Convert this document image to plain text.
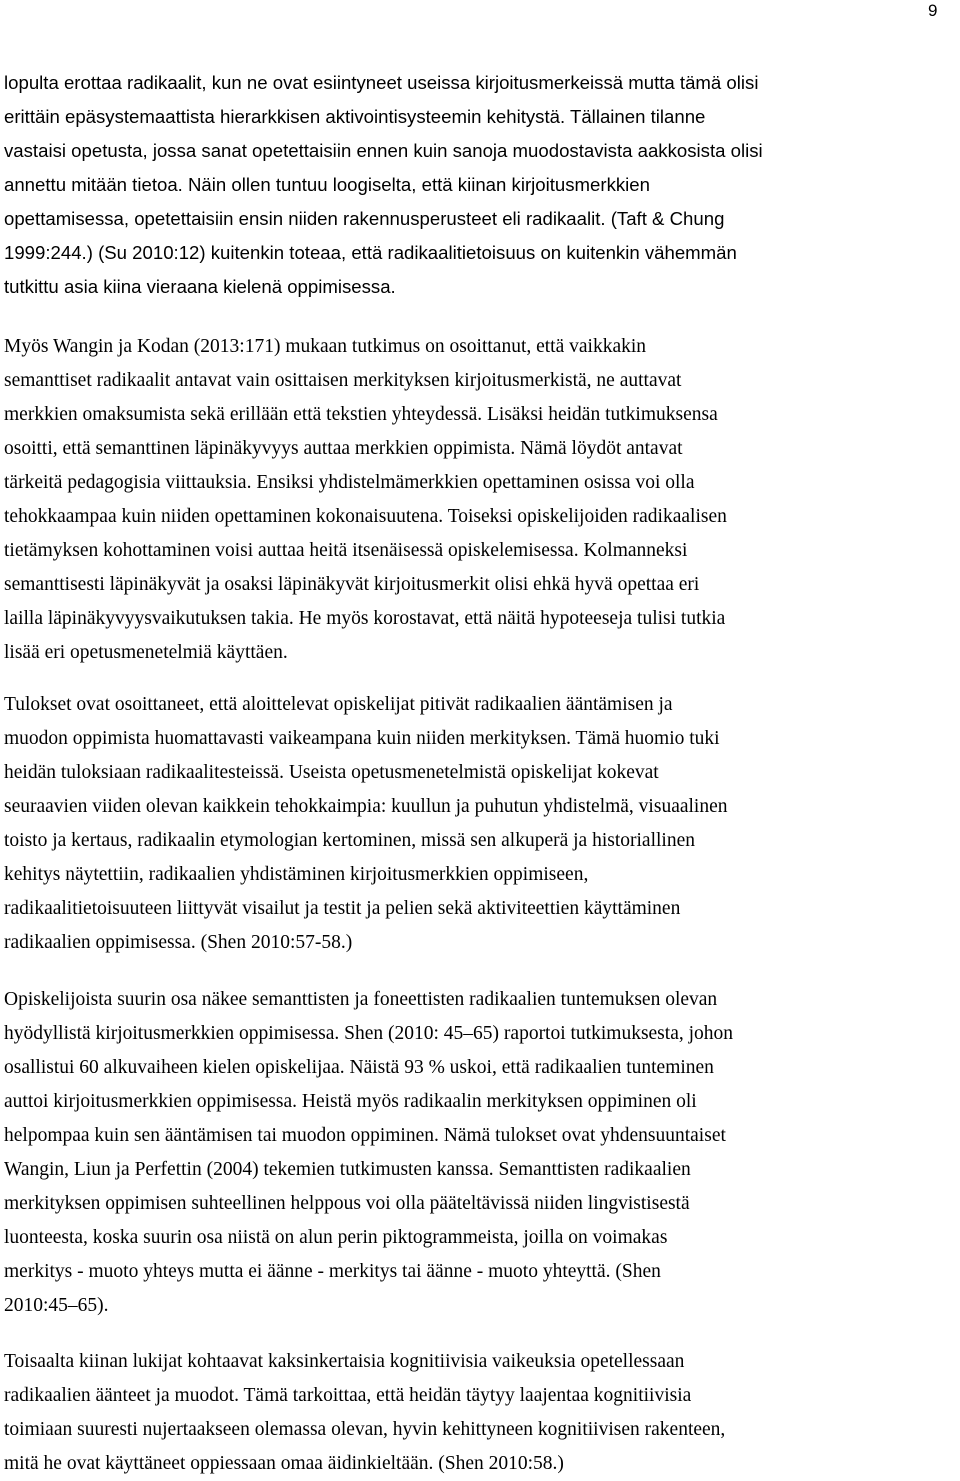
9
lopulta erottaa radikaalit, kun ne ovat esiintyneet useissa kirjoitusmerkeissä mutta tämä olisi
erittäin epäsystemaattista hierarkkisen aktivointisysteemin kehitystä. Tällainen tilanne
vastaisi opetusta, jossa sanat opetettaisiin ennen kuin sanoja muodostavista aakkosista olisi
annettu mitään tietoa. Näin ollen tuntuu loogiselta, että kiinan kirjoitusmerkkien
opettamisessa, opetettaisiin ensin niiden rakennusperusteet eli radikaalit. (Taft & Chung
1999:244.) (Su 2010:12) kuitenkin toteaa, että radikaalitietoisuus on kuitenkin vähemmän
tutkittu asia kiina vieraana kielenä oppimisessa.
Myös Wangin ja Kodan (2013:171) mukaan tutkimus on osoittanut, että vaikkakin
semanttiset radikaalit antavat vain osittaisen merkityksen kirjoitusmerkistä, ne auttavat
merkkien omaksumista sekä erillään että tekstien yhteydessä. Lisäksi heidän tutkimuksensa
osoitti, että semanttinen läpinäkyvyys auttaa merkkien oppimista. Nämä löydöt antavat
tärkeitä pedagogisia viittauksia. Ensiksi yhdistelmämerkkien opettaminen osissa voi olla
tehokkaampaa kuin niiden opettaminen kokonaisuutena. Toiseksi opiskelijoiden radikaalisen
tietämyksen kohottaminen voisi auttaa heitä itsenäisessä opiskelemisessa. Kolmanneksi
semanttisesti läpinäkyvät ja osaksi läpinäkyvät kirjoitusmerkit olisi ehkä hyvä opettaa eri
lailla läpinäkyvyysvaikutuksen takia. He myös korostavat, että näitä hypoteeseja tulisi tutkia
lisää eri opetusmenetelmiä käyttäen.
Tulokset ovat osoittaneet, että aloittelevat opiskelijat pitivät radikaalien ääntämisen ja
muodon oppimista huomattavasti vaikeampana kuin niiden merkityksen. Tämä huomio tuki
heidän tuloksiaan radikaalitesteissä. Useista opetusmenetelmistä opiskelijat kokevat
seuraavien viiden olevan kaikkein tehokkaimpia: kuullun ja puhutun yhdistelmä, visuaalinen
toisto ja kertaus, radikaalin etymologian kertominen, missä sen alkuperä ja historiallinen
kehitys näytettiin, radikaalien yhdistäminen kirjoitusmerkkien oppimiseen,
radikaalitietoisuuteen liittyvät visailut ja testit ja pelien sekä aktiviteettien käyttäminen
radikaalien oppimisessa. (Shen 2010:57-58.)
Opiskelijoista suurin osa näkee semanttisten ja foneettisten radikaalien tuntemuksen olevan
hyödyllistä kirjoitusmerkkien oppimisessa. Shen (2010: 45–65) raportoi tutkimuksesta, johon
osallistui 60 alkuvaiheen kielen opiskelijaa. Näistä 93 % uskoi, että radikaalien tunteminen
auttoi kirjoitusmerkkien oppimisessa. Heistä myös radikaalin merkityksen oppiminen oli
helpompaa kuin sen ääntämisen tai muodon oppiminen. Nämä tulokset ovat yhdensuuntaiset
Wangin, Liun ja Perfettin (2004) tekemien tutkimusten kanssa. Semanttisten radikaalien
merkityksen oppimisen suhteellinen helppous voi olla pääteltävissä niiden lingvistisestä
luonteesta, koska suurin osa niistä on alun perin piktogrammeista, joilla on voimakas
merkitys - muoto yhteys mutta ei äänne - merkitys tai äänne - muoto yhteyttä. (Shen
2010:45–65).
Toisaalta kiinan lukijat kohtaavat kaksinkertaisia kognitiivisia vaikeuksia opetellessaan
radikaalien äänteet ja muodot. Tämä tarkoittaa, että heidän täytyy laajentaa kognitiivisia
toimiaan suuresti nujertaakseen olemassa olevan, hyvin kehittyneen kognitiivisen rakenteen,
mitä he ovat käyttäneet oppiessaan omaa äidinkieltään. (Shen 2010:58.)
